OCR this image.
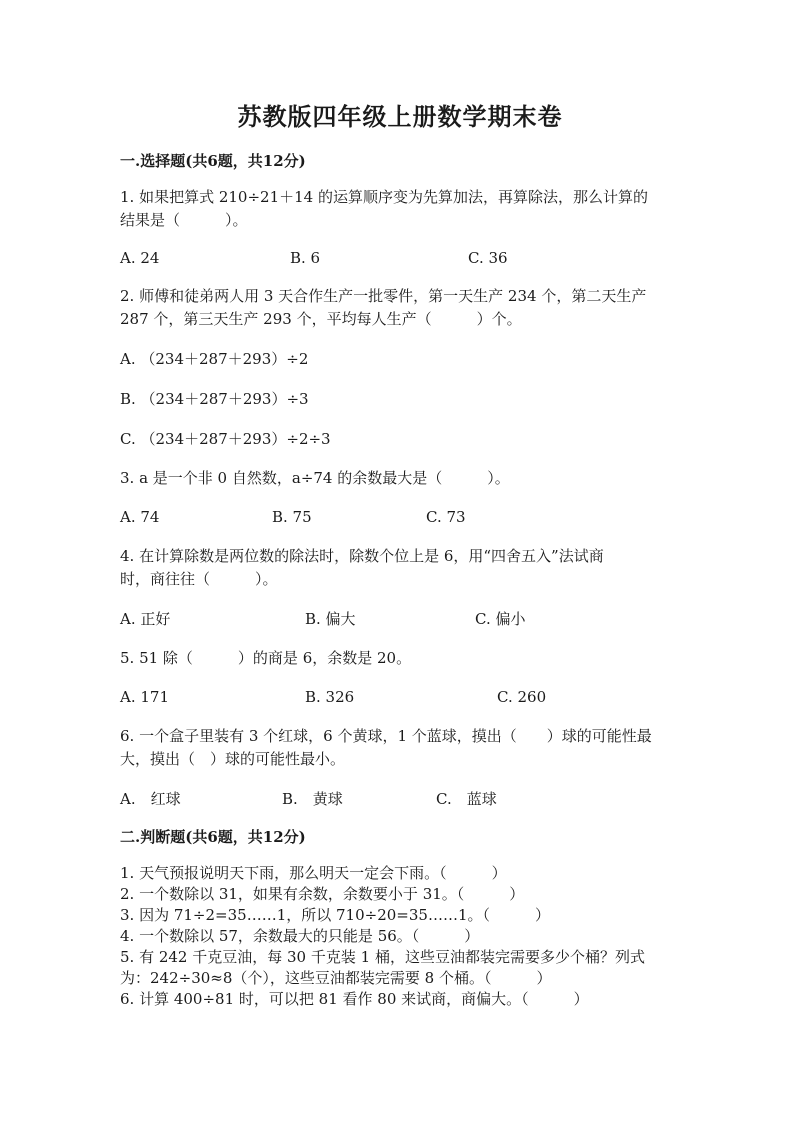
苏教版四年级上册数学期末卷
一.选择题(共6题，共12分)
1. 如果把算式 210÷21＋14 的运算顺序变为先算加法，再算除法，那么计算的
结果是（　　　）。
A. 24	B. 6	C. 36
2. 师傅和徒弟两人用 3 天合作生产一批零件，第一天生产 234 个，第二天生产
287 个，第三天生产 293 个，平均每人生产（　　　）个。
A. （234＋287＋293）÷2
B. （234＋287＋293）÷3
C. （234＋287＋293）÷2÷3
3. a 是一个非 0 自然数，a÷74 的余数最大是（　　　）。
A. 74	B. 75	C. 73
4. 在计算除数是两位数的除法时，除数个位上是 6，用“四舍五入”法试商
时，商往往（　　　）。
A. 正好	B. 偏大	C. 偏小
5. 51 除（　　　）的商是 6，余数是 20。
A. 171	B. 326	C. 260
6. 一个盒子里装有 3 个红球，6 个黄球，1 个蓝球，摸出（　　）球的可能性最
大，摸出（　）球的可能性最小。
A.　红球	B.　黄球	C.　蓝球
二.判断题(共6题，共12分)
1. 天气预报说明天下雨，那么明天一定会下雨。（　　　）
2. 一个数除以 31，如果有余数，余数要小于 31。（　　　）
3. 因为 71÷2=35……1，所以 710÷20=35……1。（　　　）
4. 一个数除以 57，余数最大的只能是 56。（　　　）
5. 有 242 千克豆油，每 30 千克装 1 桶，这些豆油都装完需要多少个桶？列式
为：242÷30≈8（个），这些豆油都装完需要 8 个桶。（　　　）
6. 计算 400÷81 时，可以把 81 看作 80 来试商，商偏大。（　　　）
